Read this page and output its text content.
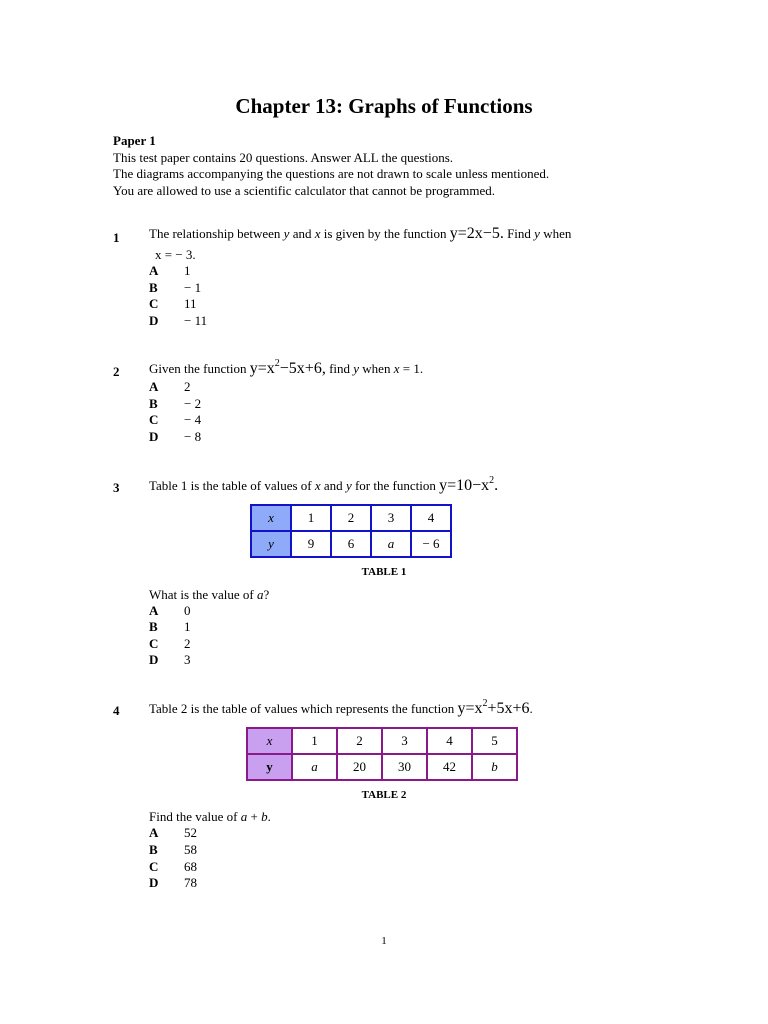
Chapter 13: Graphs of Functions
Paper 1
This test paper contains 20 questions. Answer ALL the questions.
The diagrams accompanying the questions are not drawn to scale unless mentioned.
You are allowed to use a scientific calculator that cannot be programmed.
1 The relationship between y and x is given by the function y=2x−5. Find y when
x = − 3.
A 1
B − 1
C 11
D − 11
2 Given the function $y=x^2-5x+6$, find y when x = 1.
A 2
B − 2
C − 4
D − 8
3 Table 1 is the table of values of x and y for the function $y=10-x^2$.
x	1	2	3	4
y	9	6	a	− 6
TABLE 1
What is the value of a?
A 0
B 1
C 2
D 3
4 Table 2 is the table of values which represents the function $y=x^2+5x+6$.
x	1	2	3	4	5
y	a	20	30	42	b
TABLE 2
Find the value of a + b.
A 52
B 58
C 68
D 78
1
